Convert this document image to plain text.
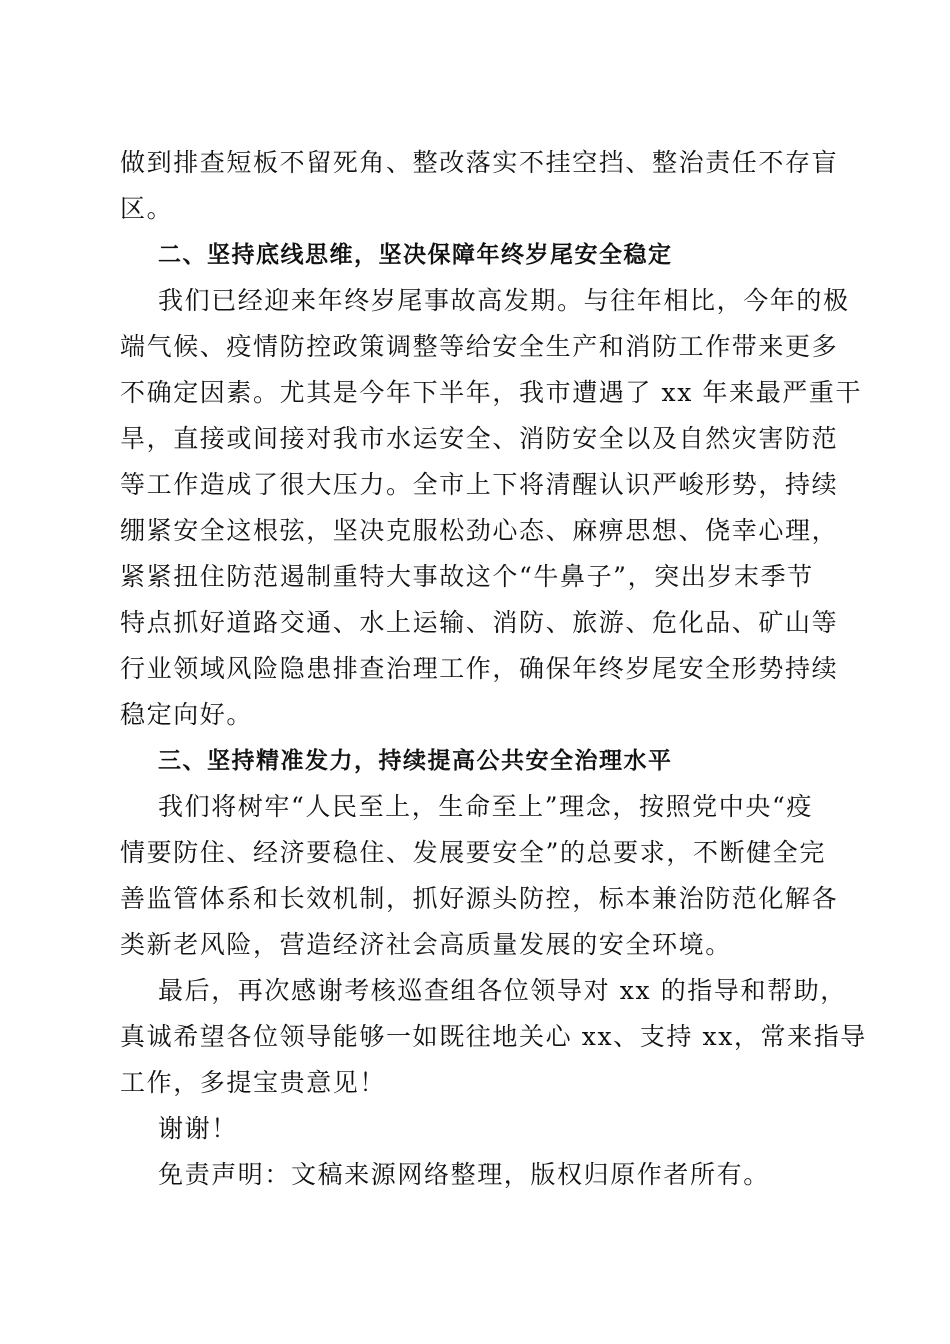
做到排查短板不留死角、整改落实不挂空挡、整治责任不存盲
区。
二、坚持底线思维，坚决保障年终岁尾安全稳定
我们已经迎来年终岁尾事故高发期。与往年相比，今年的极
端气候、疫情防控政策调整等给安全生产和消防工作带来更多
不确定因素。尤其是今年下半年，我市遭遇了 xx 年来最严重干
旱，直接或间接对我市水运安全、消防安全以及自然灾害防范
等工作造成了很大压力。全市上下将清醒认识严峻形势，持续
绷紧安全这根弦，坚决克服松劲心态、麻痹思想、侥幸心理，
紧紧扭住防范遏制重特大事故这个“牛鼻子”，突出岁末季节
特点抓好道路交通、水上运输、消防、旅游、危化品、矿山等
行业领域风险隐患排查治理工作，确保年终岁尾安全形势持续
稳定向好。
三、坚持精准发力，持续提高公共安全治理水平
我们将树牢“人民至上，生命至上”理念，按照党中央“疫
情要防住、经济要稳住、发展要安全”的总要求，不断健全完
善监管体系和长效机制，抓好源头防控，标本兼治防范化解各
类新老风险，营造经济社会高质量发展的安全环境。
最后，再次感谢考核巡查组各位领导对 xx 的指导和帮助，
真诚希望各位领导能够一如既往地关心 xx、支持 xx，常来指导
工作，多提宝贵意见！
谢谢！
免责声明：文稿来源网络整理，版权归原作者所有。
